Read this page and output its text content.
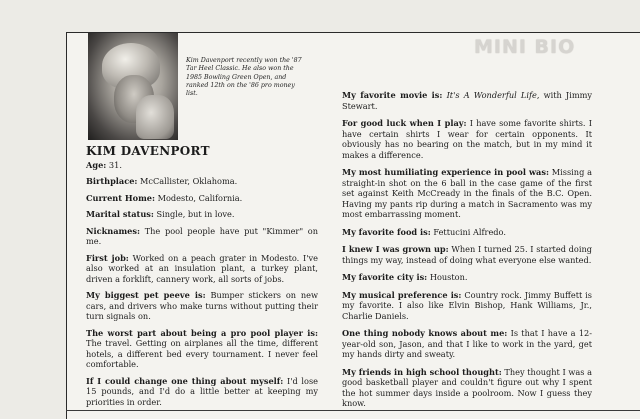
Kim Davenport recently won the '87 Tar Heel Classic. He also won the 1985 Bowling Green Open, and ranked 12th on the '86 pro money list.
MINI BIO
KIM DAVENPORT

Age: 31.

Birthplace: McCallister, Oklahoma.

Current Home: Modesto, California.

Marital status: Single, but in love.

Nicknames: The pool people have put "Kimmer" on me.

First job: Worked on a peach grater in Modesto. I've also worked at an insulation plant, a turkey plant, driven a forklift, cannery work, all sorts of jobs.

My biggest pet peeve is: Bumper stickers on new cars, and drivers who make turns without putting their turn signals on.

The worst part about being a pro pool player is: The travel. Getting on airplanes all the time, different hotels, a different bed every tournament. I never feel comfortable.

If I could change one thing about myself: I'd lose 15 pounds, and I'd do a little better at keeping my priorities in order.

My favorite movie is: It's A Wonderful Life, with Jimmy Stewart.

For good luck when I play: I have some favorite shirts. I have certain shirts I wear for certain opponents. It obviously has no bearing on the match, but in my mind it makes a difference.

My most humiliating experience in pool was: Missing a straight-in shot on the 6 ball in the case game of the first set against Keith McCready in the finals of the B.C. Open. Having my pants rip during a match in Sacramento was my most embarrassing moment.

My favorite food is: Fettucini Alfredo.

I knew I was grown up: When I turned 25. I started doing things my way, instead of doing what everyone else wanted.

My favorite city is: Houston.

My musical preference is: Country rock. Jimmy Buffett is my favorite. I also like Elvin Bishop, Hank Williams, Jr., Charlie Daniels.

One thing nobody knows about me: Is that I have a 12-year-old son, Jason, and that I like to work in the yard, get my hands dirty and sweaty.

My friends in high school thought: They thought I was a good basketball player and couldn't figure out why I spent the hot summer days inside a poolroom. Now I guess they know.
